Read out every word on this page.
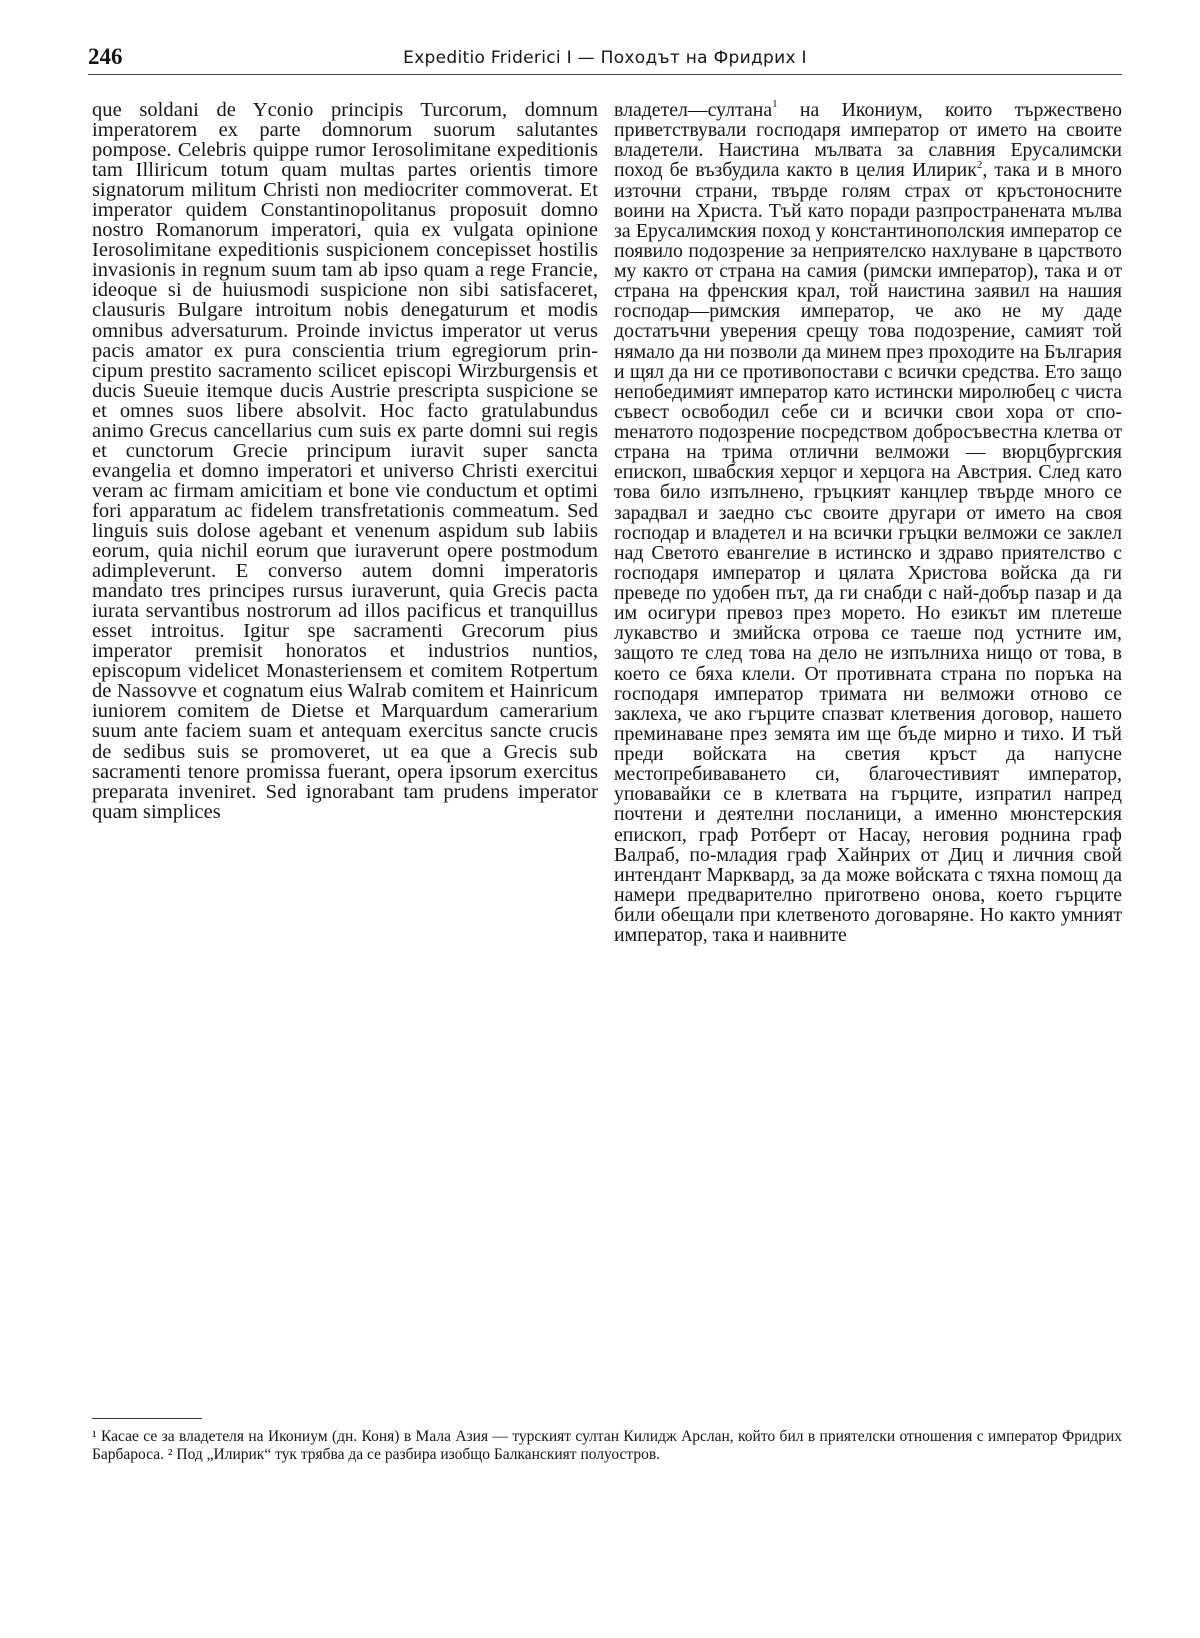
246	Expeditio Friderici I — Походът на Фридрих I

que soldani de Yconio principis Turcorum, domnum imperatorem ex parte domnorum suorum salutantes pompose. Celebris quippe rumor Ierosolimitane expeditionis tam Illiricum totum quam multas partes orientis timore signatorum militum Christi non mediocriter commoverat. Et imperator quidem Constantinopolitanus proposuit domno nostro Romanorum imperatori, quia ex vulgata opinione Ierosolimitane expeditionis suspicionem concepisset hostilis invasionis in regnum suum tam ab ipso quam a rege Francie, ideoque si de huiusmodi suspicione non sibi satisfaceret, clausuris Bulgare introitum nobis denegaturum et modis omnibus adversaturum. Proinde invictus imperator ut verus pacis amator ex pura conscientia trium egregiorum principum prestito sacramento scilicet episcopi Wirzburgensis et ducis Sueuie itemque ducis Austrie prescripta suspicione se et omnes suos libere absolvit. Hoc facto gratulabundus animo Grecus cancellarius cum suis ex parte domni sui regis et cunctorum Grecie principum iuravit super sancta evangelia et domno imperatori et universo Christi exercitui veram ac firmam amicitiam et bone vie conductum et optimi fori apparatum ac fidelem transfretationis commeatum. Sed linguis suis dolose agebant et venenum aspidum sub labiis eorum, quia nichil eorum que iuraverunt opere postmodum adimpleverunt. E converso autem domni imperatoris mandato tres principes rursus iuraverunt, quia Grecis pacta iurata servantibus nostrorum ad illos pacificus et tranquillus esset introitus. Igitur spe sacramenti Grecorum pius imperator premisit honoratos et industrios nuntios, episcopum videlicet Monasteriensem et comitem Rotpertum de Nassovve et cognatum eius Walrab comitem et Hainricum iuniorem comitem de Dietse et Marquardum camerarium suum ante faciem suam et antequam exercitus sancte crucis de sedibus suis se promoveret, ut ea que a Grecis sub sacramenti tenore promissa fuerant, opera ipsorum exercitus preparata inveniret. Sed ignorabant tam prudens imperator quam simplices

владетел—султана$^1$ на Икониум, които тържествено приветствували господаря император от името на своите владетели. Наистина мълвата за славния Ерусалимски поход бе възбудила както в целия Илирик$^2$, така и в много източни страни, твърде голям страх от кръстоносните воини на Христа. Тъй като поради разпространената мълва за Ерусалимския поход у константинополския император се появило подозрение за неприятелско нахлуване в царството му както от страна на самия (римски император), така и от страна на френския крал, той наистина заявил на нашия господар—римския император, че ако не му даде достатъчни уверения срещу това подозрение, самият той нямало да ни позволи да минем през проходите на България и щял да ни се противопостави с всички средства. Ето защо непобедимият император като истински миролюбец с чиста съвест освободил себе си и всички свои хора от споmенатото подозрение посредством добросъвестна клетва от страна на трима отлични велможи — вюрцбургския епископ, швабския херцог и херцога на Австрия. След като това било изпълнено, гръцкият канцлер твърде много се зарадвал и заедно със своите другари от името на своя господар и владетел и на всички гръцки велможи се заклел над Светото евангелие в истинско и здраво приятелство с господаря император и цялата Христова войска да ги преведе по удобен път, да ги снабди с най-добър пазар и да им осигури превоз през морето. Но езикът им плетеше лукавство и змийска отрова се таеше под устните им, защото те след това на дело не изпълниха нищо от това, в което се бяха клели. От противната страна по поръка на господаря император тримата ни велможи отново се заклеха, че ако гърците спазват клетвения договор, нашето преминаване през земята им ще бъде мирно и тихо. И тъй преди войската на светия кръст да напусне местопребиваването си, благочестивият император, уповавайки се в клетвата на гърците, изпратил напред почтени и деятелни посланици, а именно мюнстерския епископ, граф Ротберт от Насау, неговия роднина граф Валраб, по-младия граф Хайнрих от Диц и личния свой интендант Марквард, за да може войската с тяхна помощ да намери предварително приготвено онова, което гърците били обещали при клетвеното договаряне. Но както умният император, така и наивните

¹ Касае се за владетеля на Икониум (дн. Коня) в Мала Азия — турският султан Килидж Арслан, който бил в приятелски отношения с император Фридрих Барбароса. ² Под „Илирик“ тук трябва да се разбира изобщо Балканският полуостров.
